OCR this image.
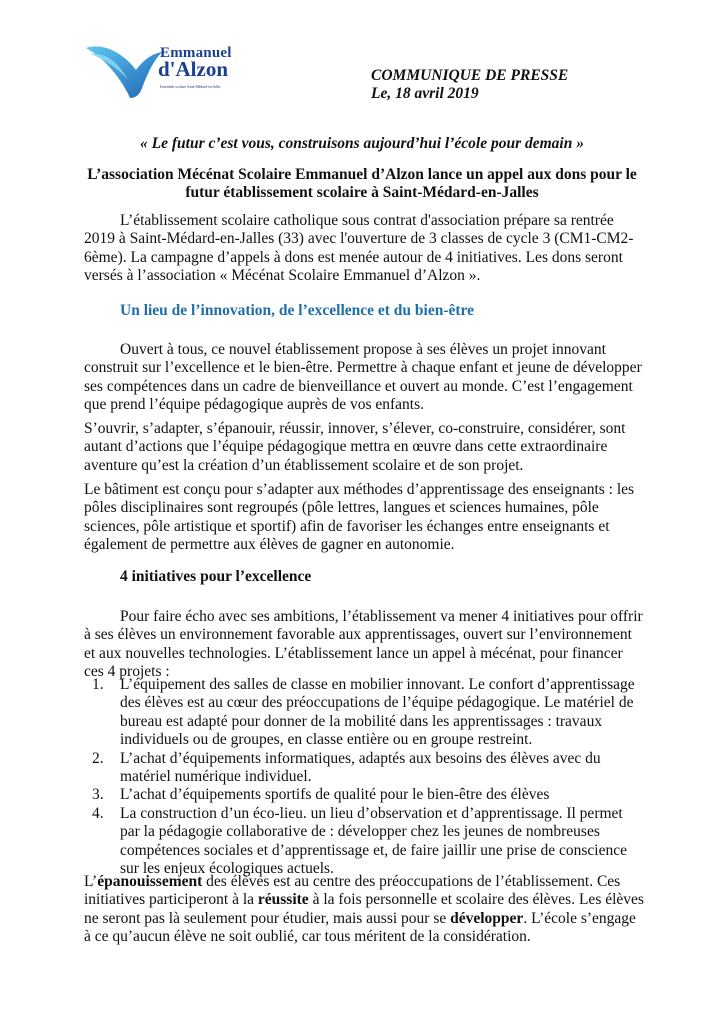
Emmanuel
d'Alzon
Ensemble scolaire Saint-Médard-en-Jalles
COMMUNIQUE DE PRESSE
Le, 18 avril 2019
« Le futur c’est vous, construisons aujourd’hui l’école pour demain »
L’association Mécénat Scolaire Emmanuel d’Alzon lance un appel aux dons pour le futur établissement scolaire à Saint-Médard-en-Jalles
L’établissement scolaire catholique sous contrat d'association prépare sa rentrée 2019 à Saint-Médard-en-Jalles (33) avec l'ouverture de 3 classes de cycle 3 (CM1-CM2-6ème). La campagne d’appels à dons est menée autour de 4 initiatives. Les dons seront versés à l’association « Mécénat Scolaire Emmanuel d’Alzon ».
Un lieu de l’innovation, de l’excellence et du bien-être
Ouvert à tous, ce nouvel établissement propose à ses élèves un projet innovant construit sur l’excellence et le bien-être. Permettre à chaque enfant et jeune de développer ses compétences dans un cadre de bienveillance et ouvert au monde. C’est l’engagement que prend l’équipe pédagogique auprès de vos enfants.
S’ouvrir, s’adapter, s’épanouir, réussir, innover, s’élever, co-construire, considérer, sont autant d’actions que l’équipe pédagogique mettra en œuvre dans cette extraordinaire aventure qu’est la création d’un établissement scolaire et de son projet.
Le bâtiment est conçu pour s’adapter aux méthodes d’apprentissage des enseignants : les pôles disciplinaires sont regroupés (pôle lettres, langues et sciences humaines, pôle sciences, pôle artistique et sportif) afin de favoriser les échanges entre enseignants et également de permettre aux élèves de gagner en autonomie.
4 initiatives pour l’excellence
Pour faire écho avec ses ambitions, l’établissement va mener 4 initiatives pour offrir à ses élèves un environnement favorable aux apprentissages, ouvert sur l’environnement et aux nouvelles technologies. L’établissement lance un appel à mécénat, pour financer ces 4 projets :
1. L’équipement des salles de classe en mobilier innovant. Le confort d’apprentissage des élèves est au cœur des préoccupations de l’équipe pédagogique. Le matériel de bureau est adapté pour donner de la mobilité dans les apprentissages : travaux individuels ou de groupes, en classe entière ou en groupe restreint.
2. L’achat d’équipements informatiques, adaptés aux besoins des élèves avec du matériel numérique individuel.
3. L’achat d’équipements sportifs de qualité pour le bien-être des élèves
4. La construction d’un éco-lieu. un lieu d’observation et d’apprentissage. Il permet par la pédagogie collaborative de : développer chez les jeunes de nombreuses compétences sociales et d’apprentissage et, de faire jaillir une prise de conscience sur les enjeux écologiques actuels.
L’épanouissement des élèves est au centre des préoccupations de l’établissement. Ces initiatives participeront à la réussite à la fois personnelle et scolaire des élèves. Les élèves ne seront pas là seulement pour étudier, mais aussi pour se développer. L’école s’engage à ce qu’aucun élève ne soit oublié, car tous méritent de la considération.
